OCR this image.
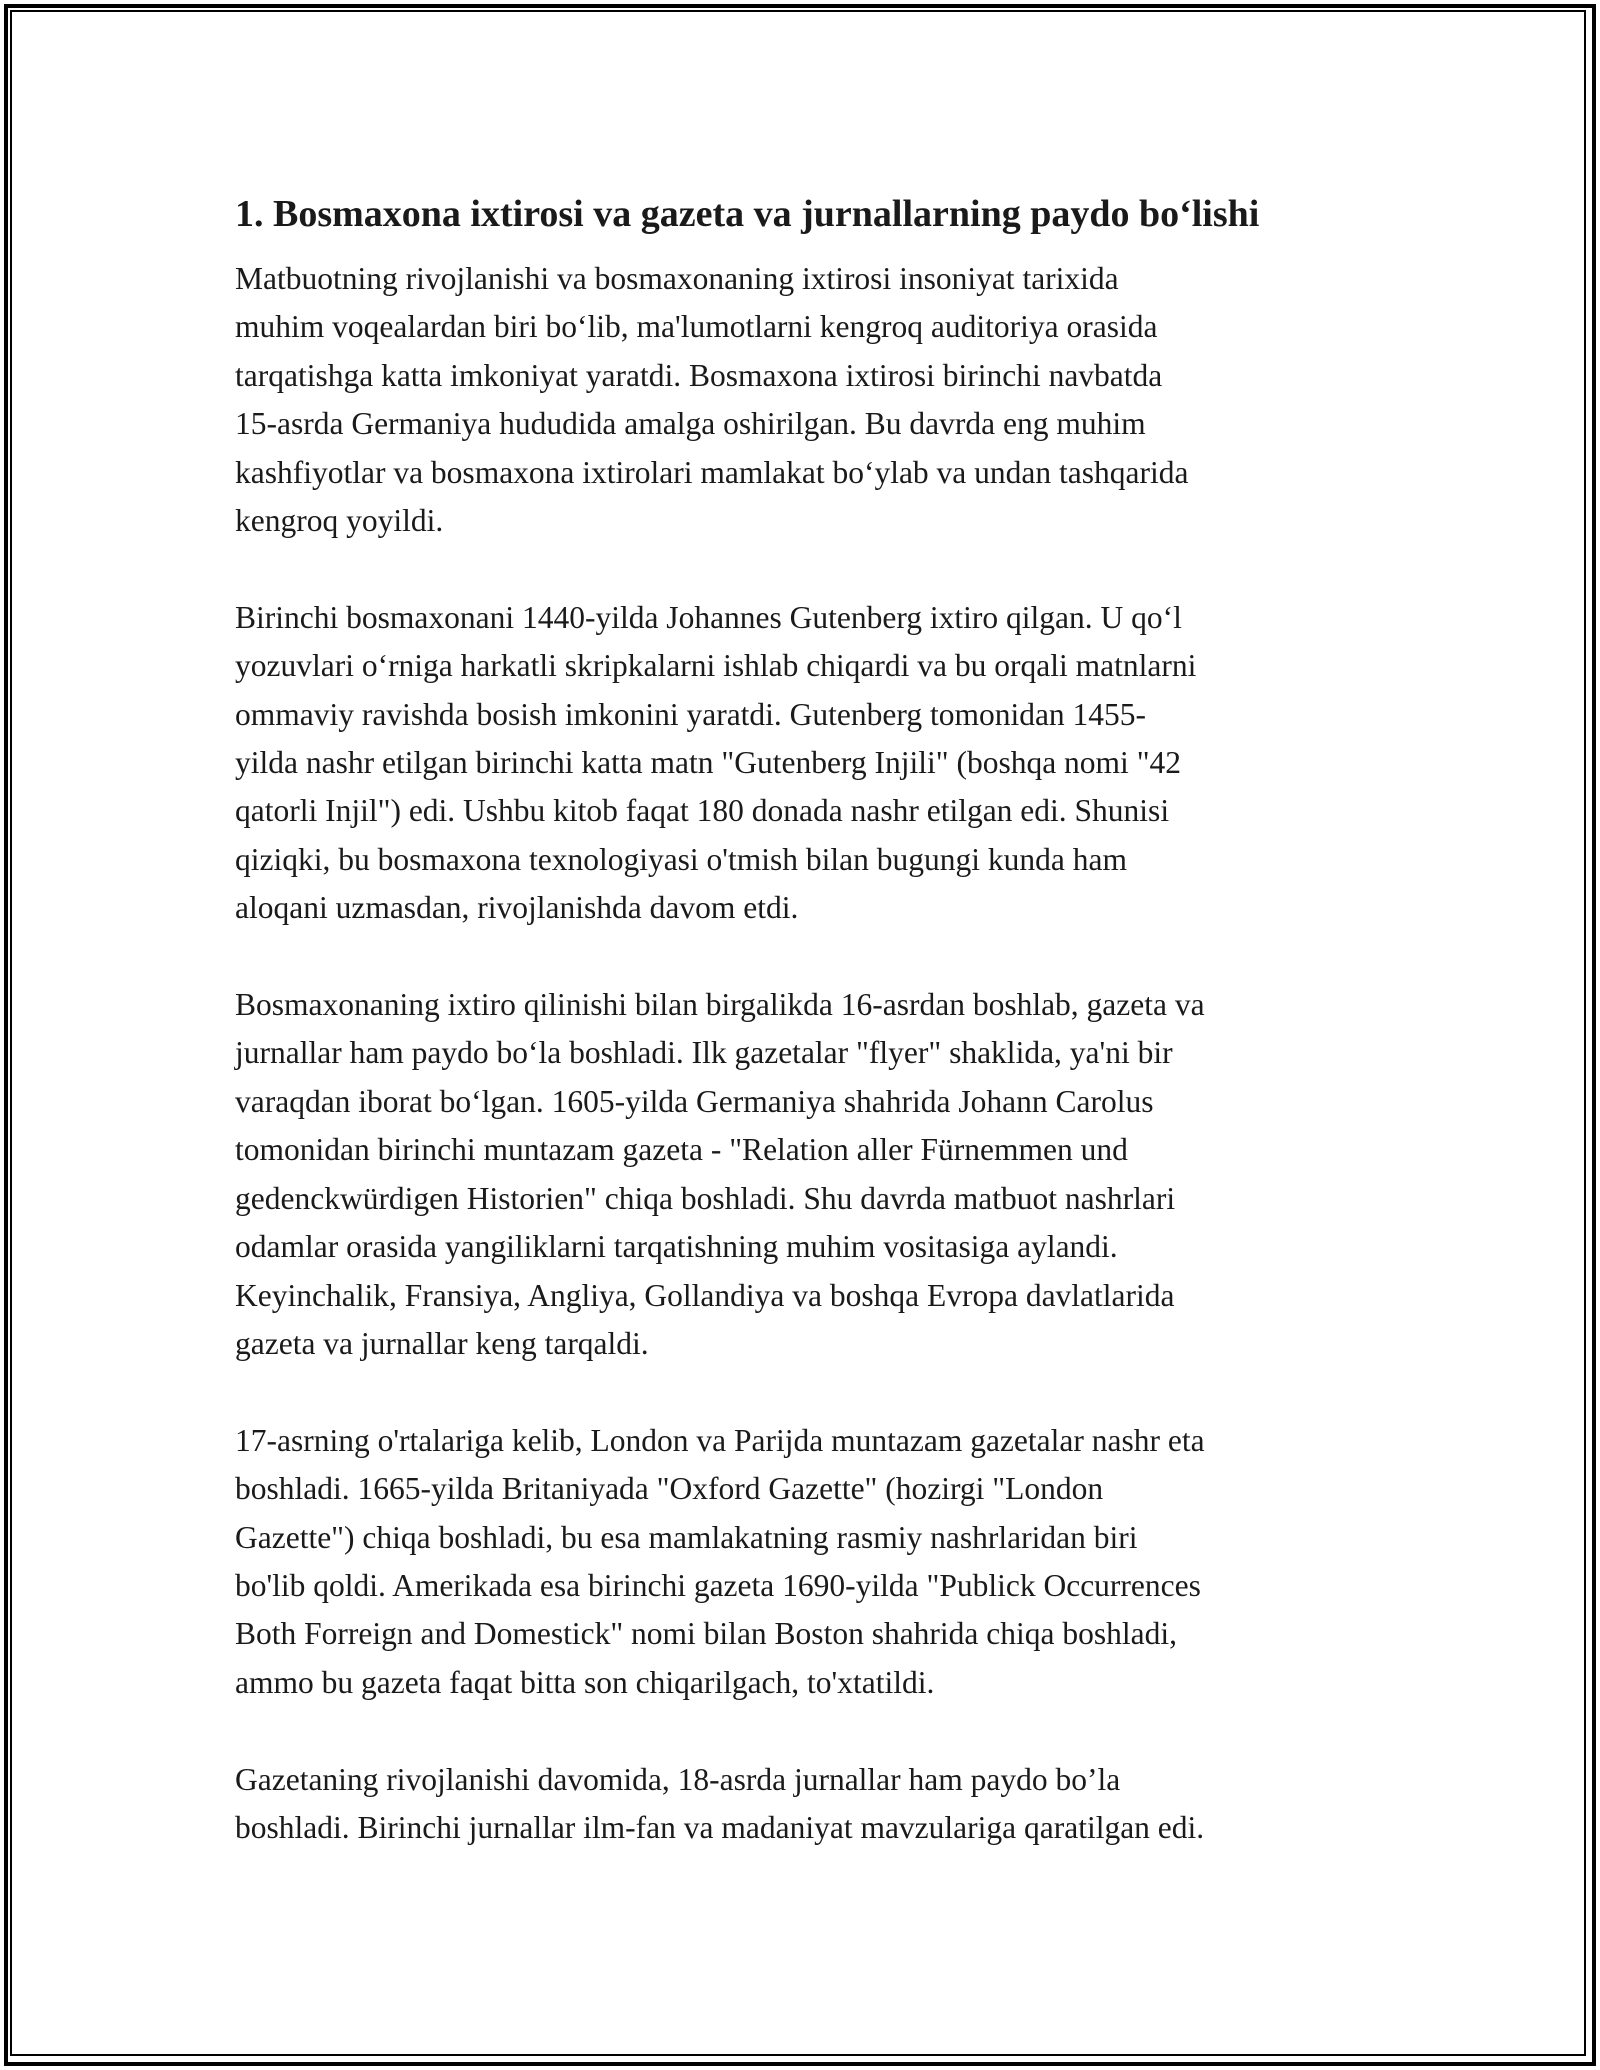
1. Bosmaxona ixtirosi va gazeta va jurnallarning paydo bo‘lishi

Matbuotning rivojlanishi va bosmaxonaning ixtirosi insoniyat tarixida
muhim voqealardan biri bo‘lib, ma'lumotlarni kengroq auditoriya orasida
tarqatishga katta imkoniyat yaratdi. Bosmaxona ixtirosi birinchi navbatda
15-asrda Germaniya hududida amalga oshirilgan. Bu davrda eng muhim
kashfiyotlar va bosmaxona ixtirolari mamlakat bo‘ylab va undan tashqarida
kengroq yoyildi.

Birinchi bosmaxonani 1440-yilda Johannes Gutenberg ixtiro qilgan. U qo‘l
yozuvlari o‘rniga harkatli skripkalarni ishlab chiqardi va bu orqali matnlarni
ommaviy ravishda bosish imkonini yaratdi. Gutenberg tomonidan 1455-
yilda nashr etilgan birinchi katta matn "Gutenberg Injili" (boshqa nomi "42
qatorli Injil") edi. Ushbu kitob faqat 180 donada nashr etilgan edi. Shunisi
qiziqki, bu bosmaxona texnologiyasi o'tmish bilan bugungi kunda ham
aloqani uzmasdan, rivojlanishda davom etdi.

Bosmaxonaning ixtiro qilinishi bilan birgalikda 16-asrdan boshlab, gazeta va
jurnallar ham paydo bo‘la boshladi. Ilk gazetalar "flyer" shaklida, ya'ni bir
varaqdan iborat bo‘lgan. 1605-yilda Germaniya shahrida Johann Carolus
tomonidan birinchi muntazam gazeta - "Relation aller Fürnemmen und
gedenckwürdigen Historien" chiqa boshladi. Shu davrda matbuot nashrlari
odamlar orasida yangiliklarni tarqatishning muhim vositasiga aylandi.
Keyinchalik, Fransiya, Angliya, Gollandiya va boshqa Evropa davlatlarida
gazeta va jurnallar keng tarqaldi.

17-asrning o'rtalariga kelib, London va Parijda muntazam gazetalar nashr eta
boshladi. 1665-yilda Britaniyada "Oxford Gazette" (hozirgi "London
Gazette") chiqa boshladi, bu esa mamlakatning rasmiy nashrlaridan biri
bo'lib qoldi. Amerikada esa birinchi gazeta 1690-yilda "Publick Occurrences
Both Forreign and Domestick" nomi bilan Boston shahrida chiqa boshladi,
ammo bu gazeta faqat bitta son chiqarilgach, to'xtatildi.

Gazetaning rivojlanishi davomida, 18-asrda jurnallar ham paydo bo’la
boshladi. Birinchi jurnallar ilm-fan va madaniyat mavzulariga qaratilgan edi.
